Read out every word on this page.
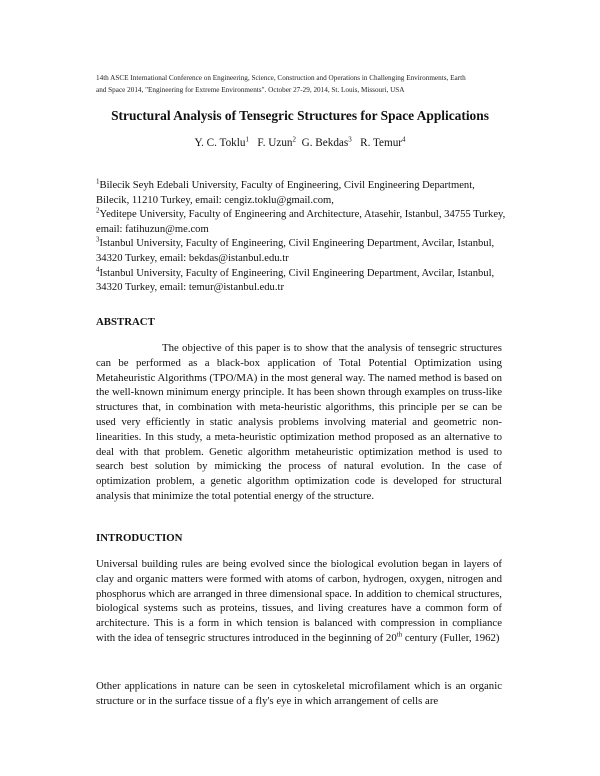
14th ASCE International Conference on Engineering, Science, Construction and Operations in Challenging Environments, Earth
and Space 2014, "Engineering for Extreme Environments". October 27-29, 2014, St. Louis, Missouri, USA
Structural Analysis of Tensegric Structures for Space Applications
Y. C. Toklu$^1$ F. Uzun$^2$ G. Bekdas$^3$ R. Temur$^4$

$^1$Bilecik Seyh Edebali University, Faculty of Engineering, Civil Engineering Department, Bilecik, 11210 Turkey, email: cengiz.toklu@gmail.com,

$^2$Yeditepe University, Faculty of Engineering and Architecture, Atasehir, Istanbul, 34755 Turkey, email: fatihuzun@me.com

$^3$Istanbul University, Faculty of Engineering, Civil Engineering Department, Avcilar, Istanbul, 34320 Turkey, email: bekdas@istanbul.edu.tr

$^4$Istanbul University, Faculty of Engineering, Civil Engineering Department, Avcilar, Istanbul, 34320 Turkey, email: temur@istanbul.edu.tr

ABSTRACT

The objective of this paper is to show that the analysis of tensegric structures can be performed as a black-box application of Total Potential Optimization using Metaheuristic Algorithms (TPO/MA) in the most general way. The named method is based on the well-known minimum energy principle. It has been shown through examples on truss-like structures that, in combination with meta-heuristic algorithms, this principle per se can be used very efficiently in static analysis problems involving material and geometric non-linearities. In this study, a meta-heuristic optimization method proposed as an alternative to deal with that problem. Genetic algorithm metaheuristic optimization method is used to search best solution by mimicking the process of natural evolution. In the case of optimization problem, a genetic algorithm optimization code is developed for structural analysis that minimize the total potential energy of the structure.

INTRODUCTION

Universal building rules are being evolved since the biological evolution began in layers of clay and organic matters were formed with atoms of carbon, hydrogen, oxygen, nitrogen and phosphorus which are arranged in three dimensional space. In addition to chemical structures, biological systems such as proteins, tissues, and living creatures have a common form of architecture. This is a form in which tension is balanced with compression in compliance with the idea of tensegric structures introduced in the beginning of 20th century (Fuller, 1962)

Other applications in nature can be seen in cytoskeletal microfilament which is an organic structure or in the surface tissue of a fly's eye in which arrangement of cells are
